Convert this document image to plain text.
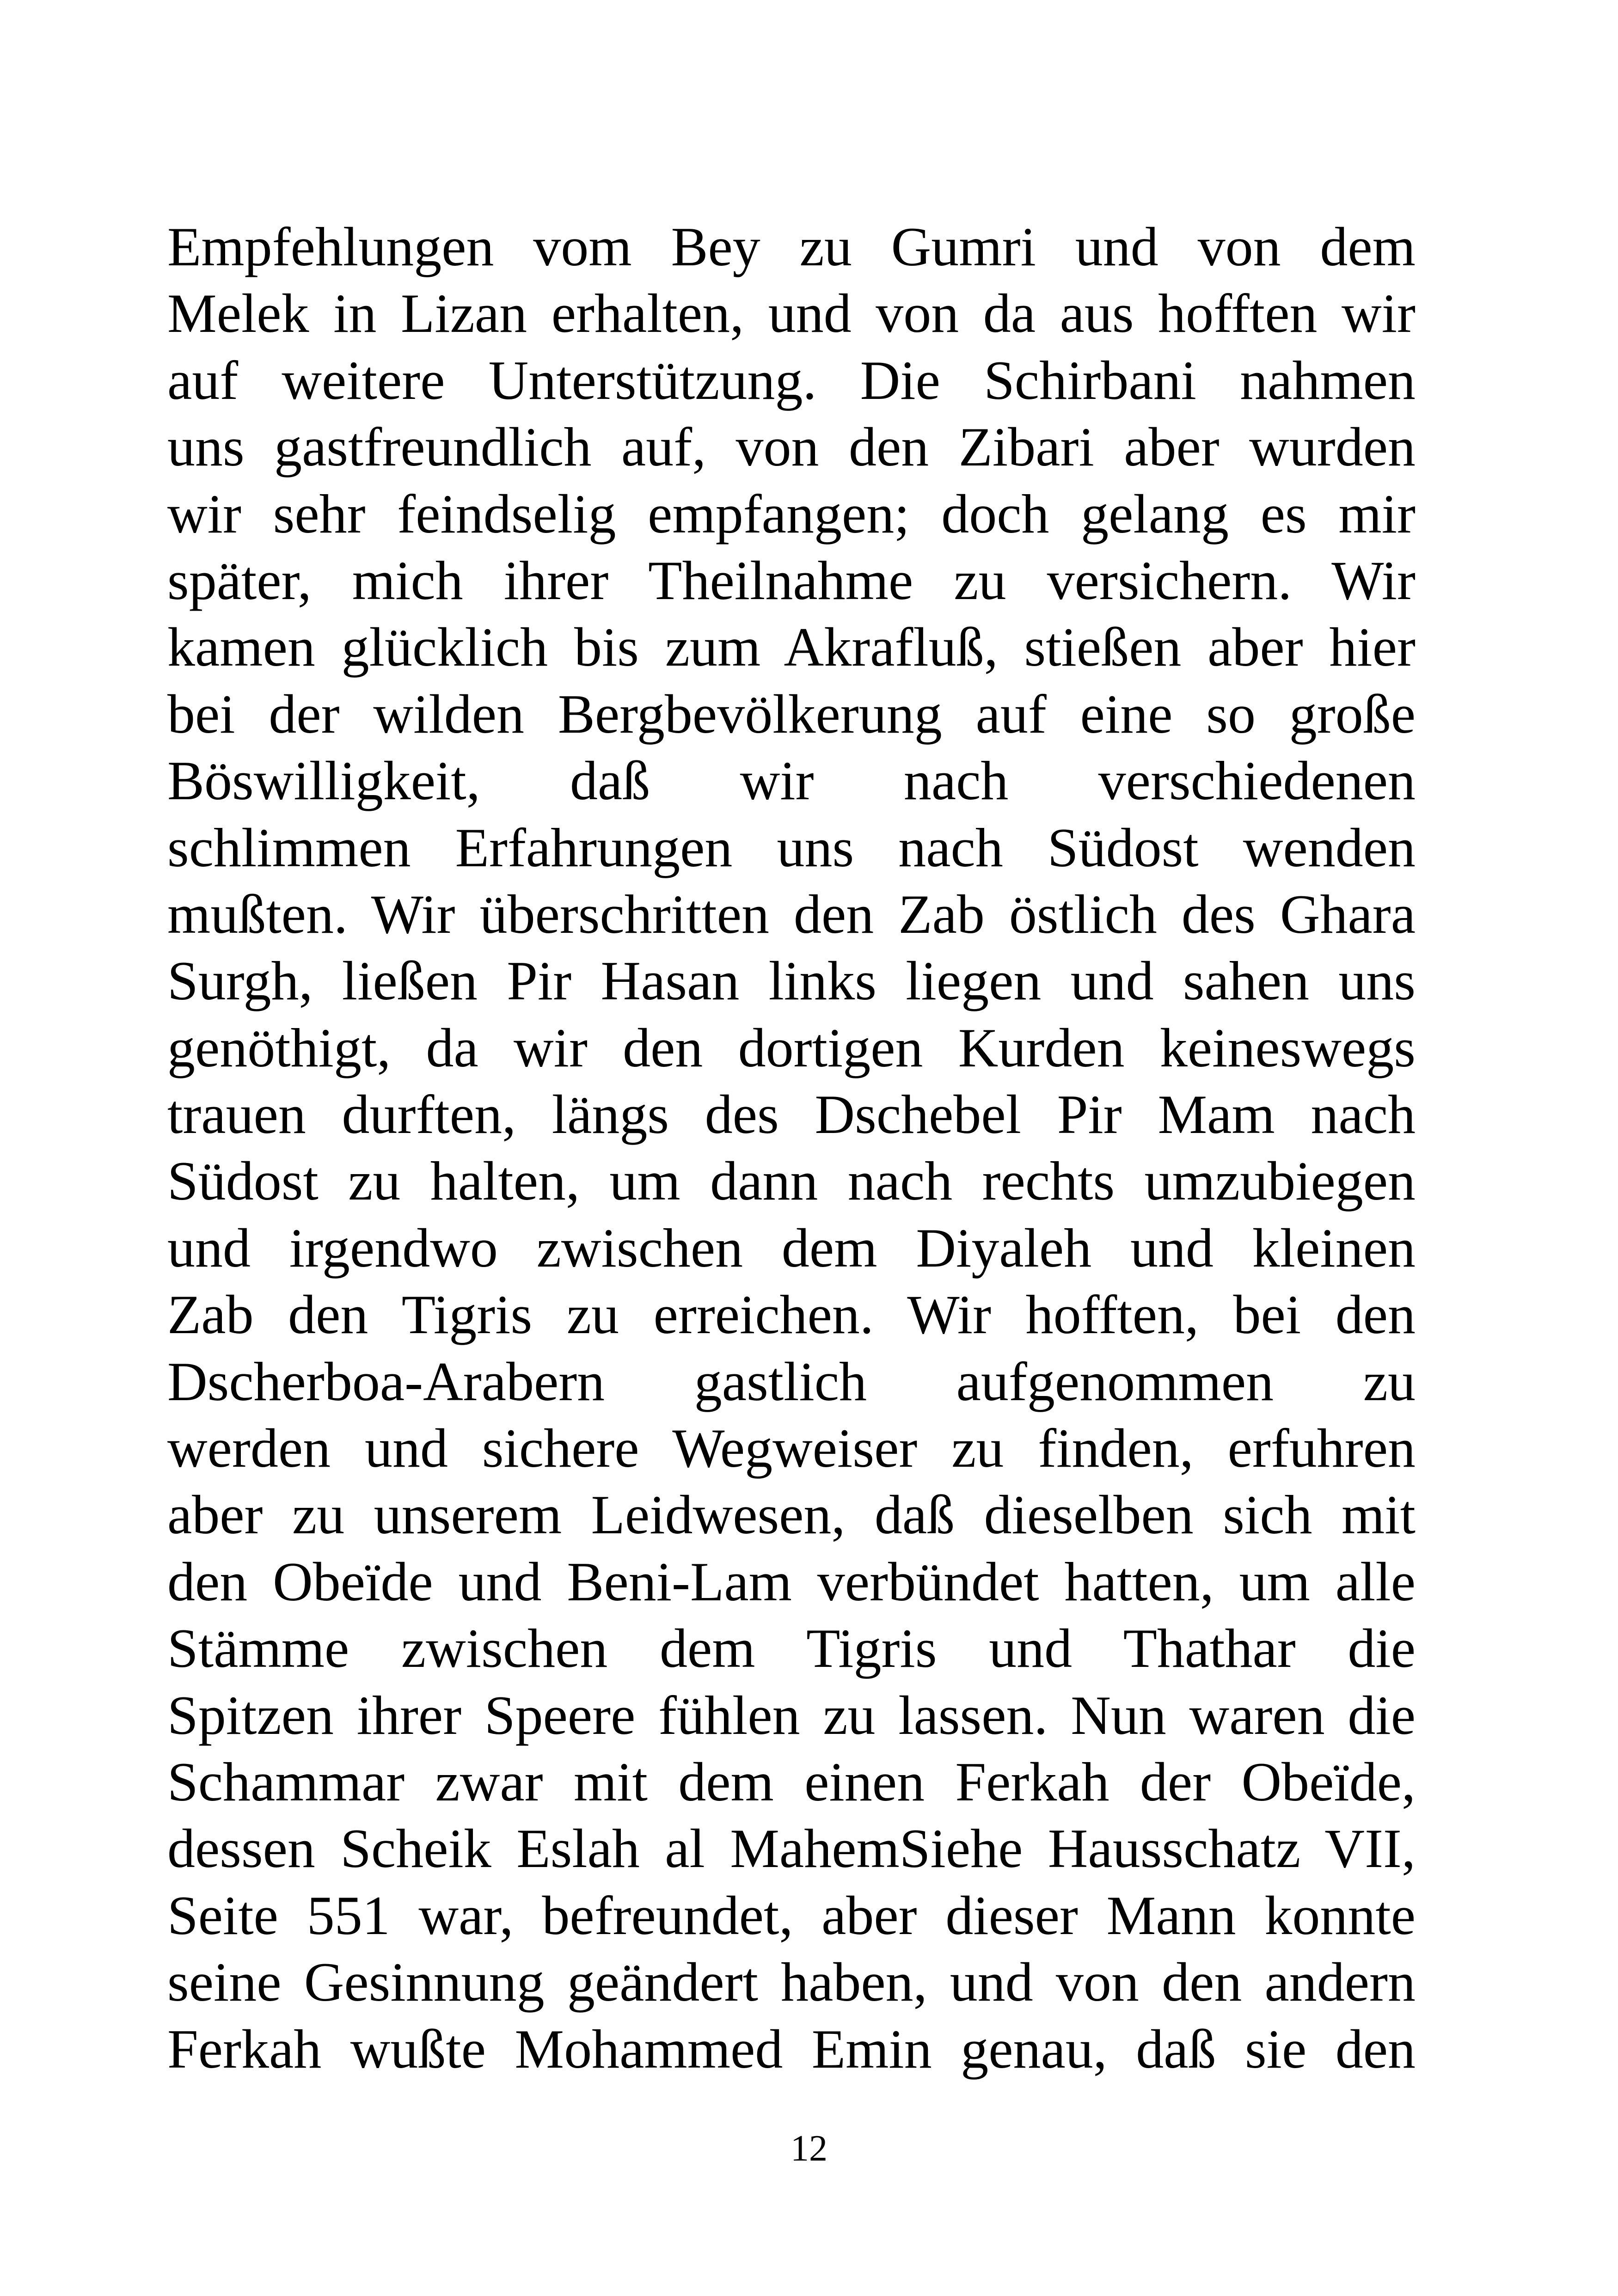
Empfehlungen vom Bey zu Gumri und von dem
Melek in Lizan erhalten, und von da aus hofften wir
auf weitere Unterstützung. Die Schirbani nahmen
uns gastfreundlich auf, von den Zibari aber wurden
wir sehr feindselig empfangen; doch gelang es mir
später, mich ihrer Theilnahme zu versichern. Wir
kamen glücklich bis zum Akrafluß, stießen aber hier
bei der wilden Bergbevölkerung auf eine so große
Böswilligkeit, daß wir nach verschiedenen
schlimmen Erfahrungen uns nach Südost wenden
mußten. Wir überschritten den Zab östlich des Ghara
Surgh, ließen Pir Hasan links liegen und sahen uns
genöthigt, da wir den dortigen Kurden keineswegs
trauen durften, längs des Dschebel Pir Mam nach
Südost zu halten, um dann nach rechts umzubiegen
und irgendwo zwischen dem Diyaleh und kleinen
Zab den Tigris zu erreichen. Wir hofften, bei den
Dscherboa-Arabern gastlich aufgenommen zu
werden und sichere Wegweiser zu finden, erfuhren
aber zu unserem Leidwesen, daß dieselben sich mit
den Obeïde und Beni-Lam verbündet hatten, um alle
Stämme zwischen dem Tigris und Thathar die
Spitzen ihrer Speere fühlen zu lassen. Nun waren die
Schammar zwar mit dem einen Ferkah der Obeïde,
dessen Scheik Eslah al MahemSiehe Hausschatz VII,
Seite 551 war, befreundet, aber dieser Mann konnte
seine Gesinnung geändert haben, und von den andern
Ferkah wußte Mohammed Emin genau, daß sie den
12
